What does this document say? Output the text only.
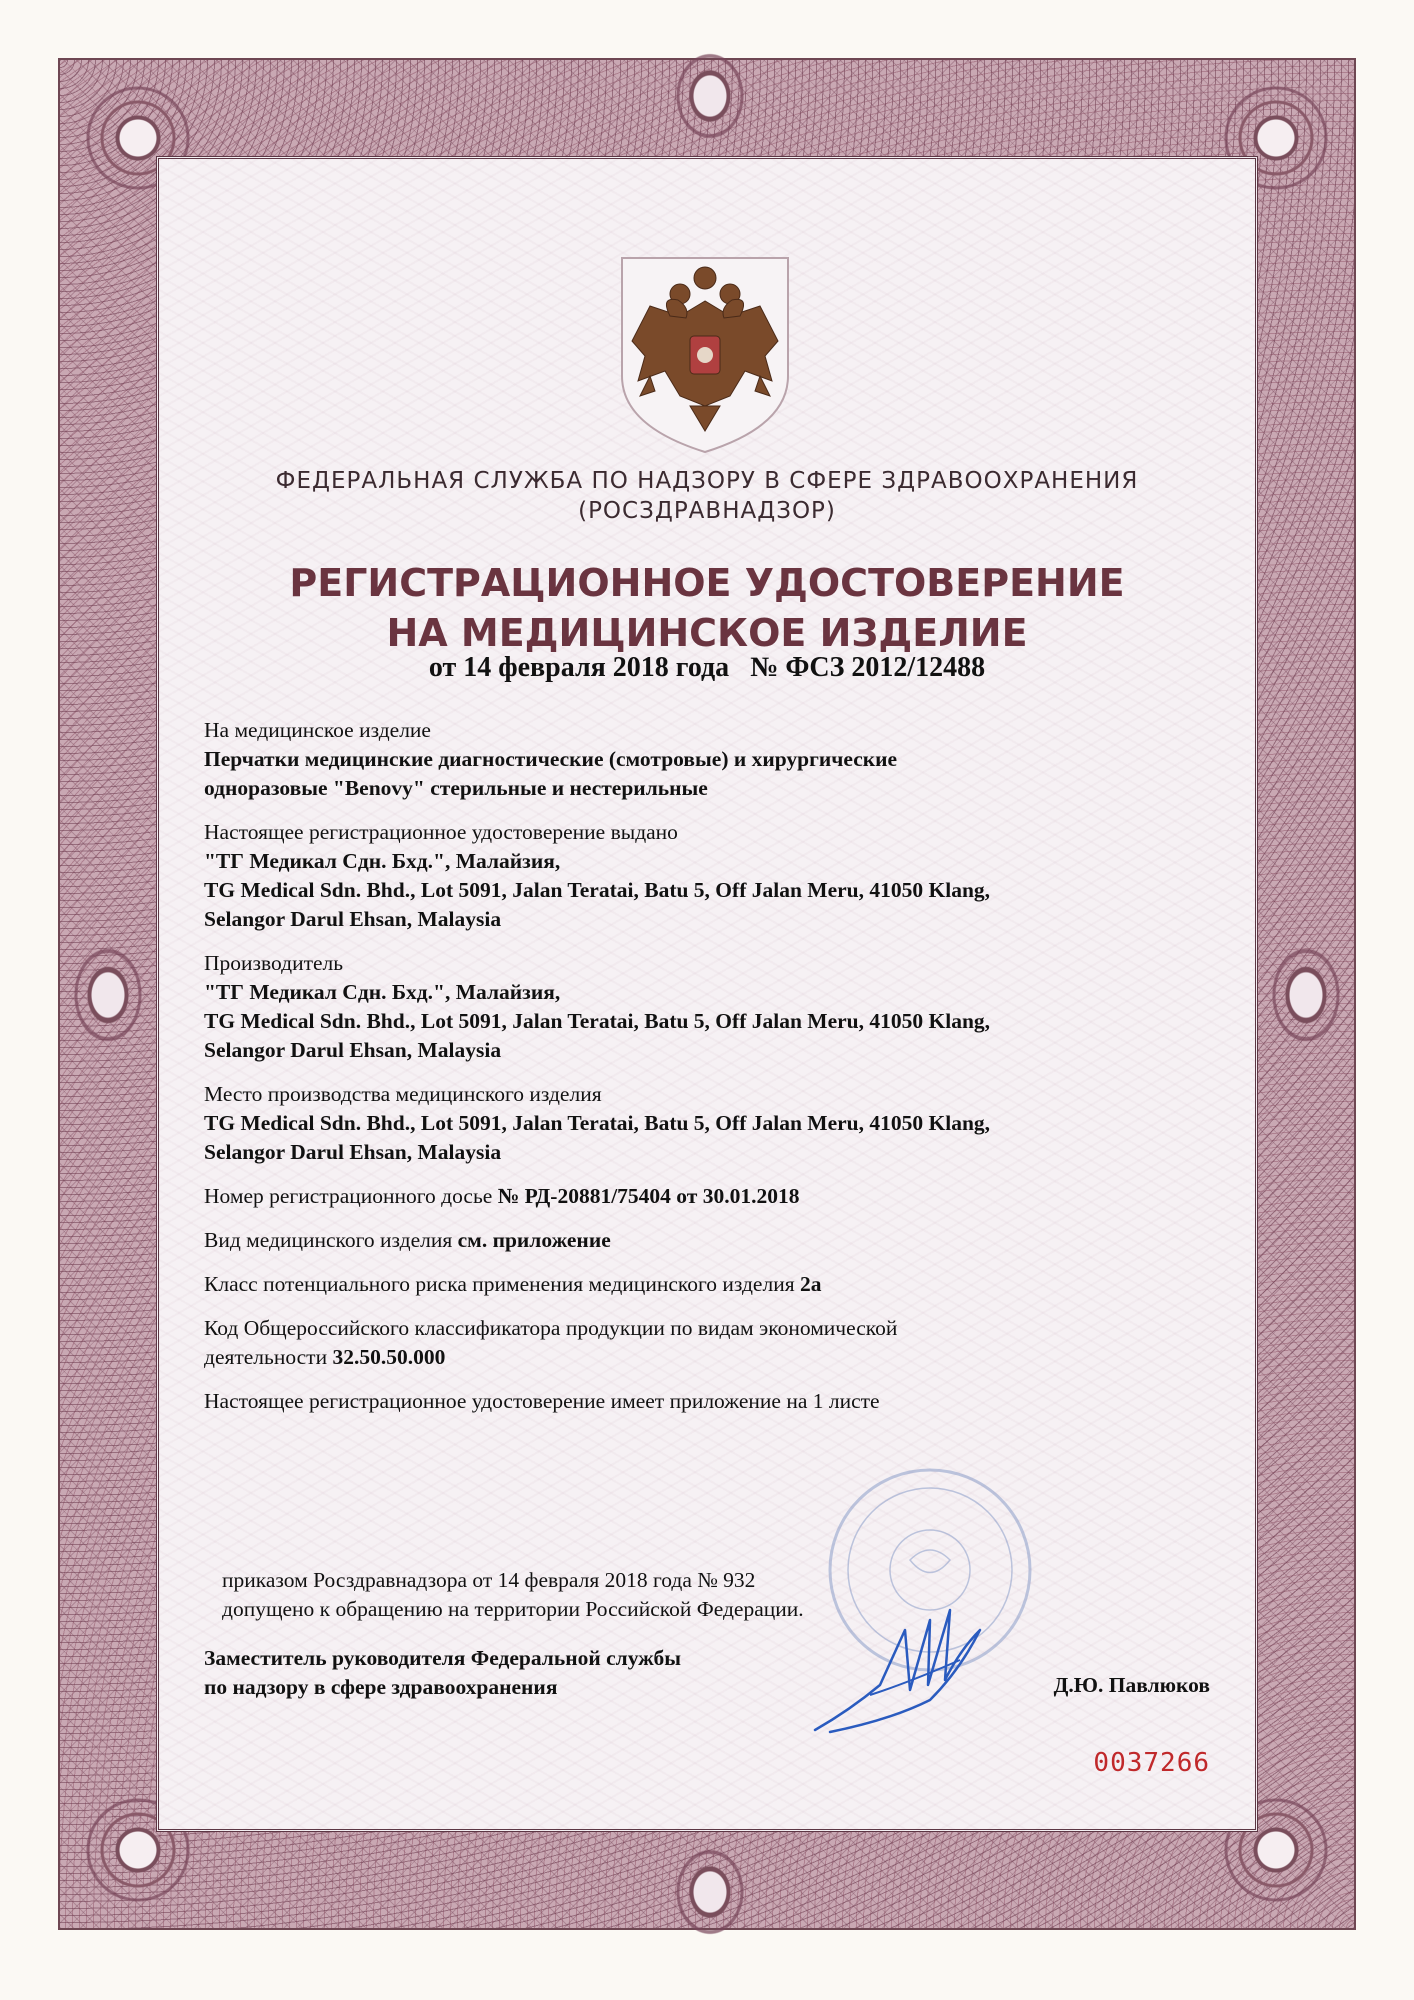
ФЕДЕРАЛЬНАЯ СЛУЖБА ПО НАДЗОРУ В СФЕРЕ ЗДРАВООХРАНЕНИЯ
(РОСЗДРАВНАДЗОР)
РЕГИСТРАЦИОННОЕ УДОСТОВЕРЕНИЕ
НА МЕДИЦИНСКОЕ ИЗДЕЛИЕ
от 14 февраля 2018 года № ФСЗ 2012/12488
На медицинское изделие
Перчатки медицинские диагностические (смотровые) и хирургические
одноразовые "Benovy" стерильные и нестерильные
Настоящее регистрационное удостоверение выдано
"ТГ Медикал Сдн. Бхд.", Малайзия,
TG Medical Sdn. Bhd., Lot 5091, Jalan Teratai, Batu 5, Off Jalan Meru, 41050 Klang,
Selangor Darul Ehsan, Malaysia
Производитель
"ТГ Медикал Сдн. Бхд.", Малайзия,
TG Medical Sdn. Bhd., Lot 5091, Jalan Teratai, Batu 5, Off Jalan Meru, 41050 Klang,
Selangor Darul Ehsan, Malaysia
Место производства медицинского изделия
TG Medical Sdn. Bhd., Lot 5091, Jalan Teratai, Batu 5, Off Jalan Meru, 41050 Klang,
Selangor Darul Ehsan, Malaysia
Номер регистрационного досье № РД-20881/75404 от 30.01.2018
Вид медицинского изделия см. приложение
Класс потенциального риска применения медицинского изделия 2а
Код Общероссийского классификатора продукции по видам экономической
деятельности 32.50.50.000
Настоящее регистрационное удостоверение имеет приложение на 1 листе
приказом Росздравнадзора от 14 февраля 2018 года № 932
допущено к обращению на территории Российской Федерации.
Заместитель руководителя Федеральной службы
по надзору в сфере здравоохранения	Д.Ю. Павлюков
0037266
